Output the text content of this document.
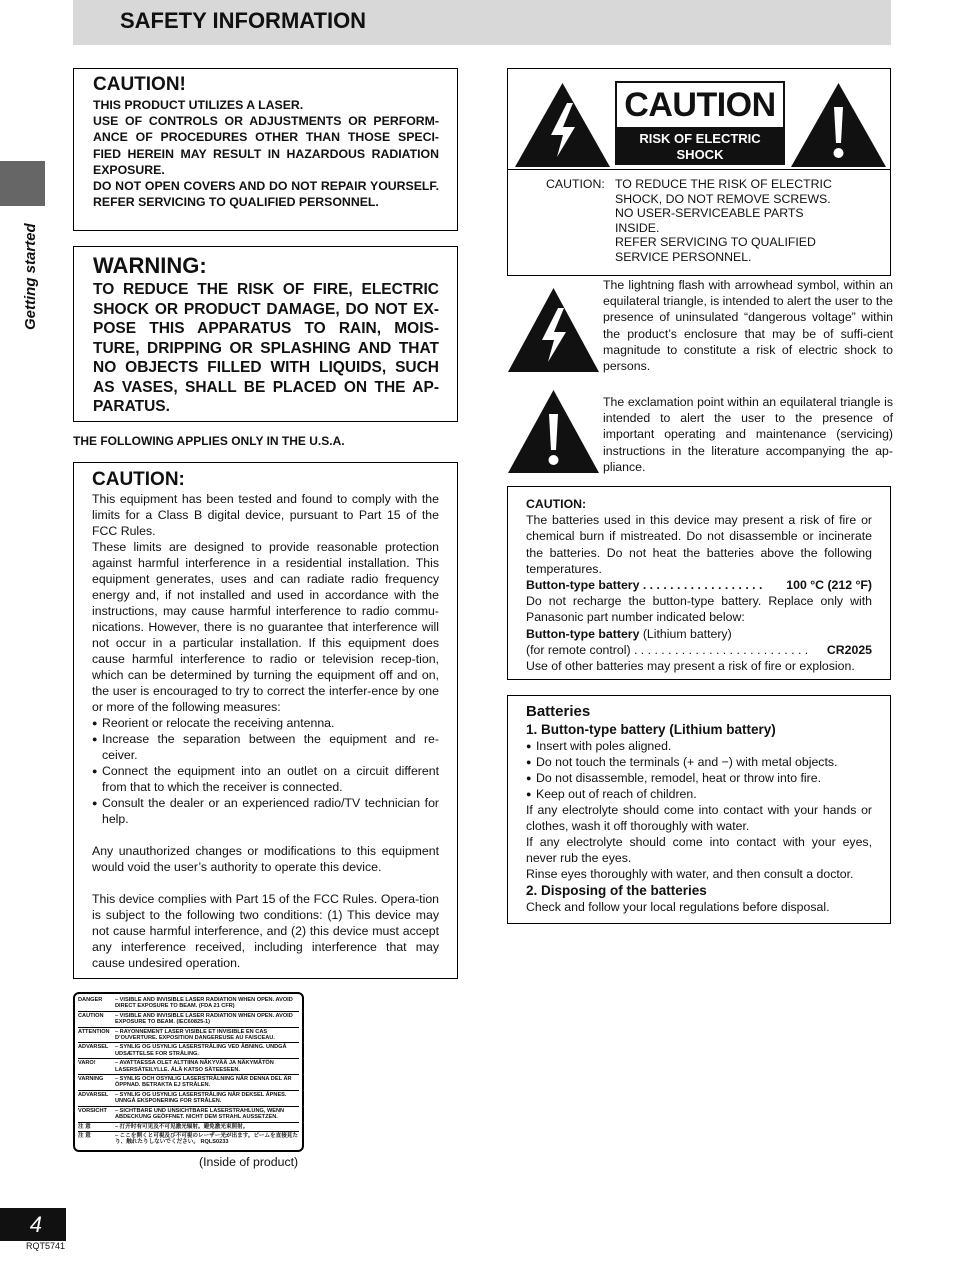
SAFETY INFORMATION
Getting started
CAUTION!

THIS PRODUCT UTILIZES A LASER.

USE OF CONTROLS OR ADJUSTMENTS OR PERFORM-ANCE OF PROCEDURES OTHER THAN THOSE SPECI-FIED HEREIN MAY RESULT IN HAZARDOUS RADIATION EXPOSURE.

DO NOT OPEN COVERS AND DO NOT REPAIR YOURSELF. REFER SERVICING TO QUALIFIED PERSONNEL.

WARNING:
TO REDUCE THE RISK OF FIRE, ELECTRIC SHOCK OR PRODUCT DAMAGE, DO NOT EX-POSE THIS APPARATUS TO RAIN, MOIS-TURE, DRIPPING OR SPLASHING AND THAT NO OBJECTS FILLED WITH LIQUIDS, SUCH AS VASES, SHALL BE PLACED ON THE AP-PARATUS.
THE FOLLOWING APPLIES ONLY IN THE U.S.A.
CAUTION:

This equipment has been tested and found to comply with the limits for a Class B digital device, pursuant to Part 15 of the FCC Rules.

These limits are designed to provide reasonable protection against harmful interference in a residential installation. This equipment generates, uses and can radiate radio frequency energy and, if not installed and used in accordance with the instructions, may cause harmful interference to radio commu-nications. However, there is no guarantee that interference will not occur in a particular installation. If this equipment does cause harmful interference to radio or television recep-tion, which can be determined by turning the equipment off and on, the user is encouraged to try to correct the interfer-ence by one or more of the following measures:

● Reorient or relocate the receiving antenna.
● Increase the separation between the equipment and re-ceiver.
● Connect the equipment into an outlet on a circuit different from that to which the receiver is connected.
● Consult the dealer or an experienced radio/TV technician for help.

Any unauthorized changes or modifications to this equipment would void the user’s authority to operate this device.

This device complies with Part 15 of the FCC Rules. Opera-tion is subject to the following two conditions: (1) This device may not cause harmful interference, and (2) this device must accept any interference received, including interference that may cause undesired operation.

DANGER	– VISIBLE AND INVISIBLE LASER RADIATION WHEN OPEN. AVOID DIRECT EXPOSURE TO BEAM. (FDA 21 CFR)
CAUTION	– VISIBLE AND INVISIBLE LASER RADIATION WHEN OPEN. AVOID EXPOSURE TO BEAM. (IEC60825-1)
ATTENTION – RAYONNEMENT LASER VISIBLE ET INVISIBLE EN CAS D’OUVERTURE. EXPOSITION DANGEREUSE AU FAISCEAU.
ADVARSEL	– SYNLIG OG USYNLIG LASERSTRÅLING VED ÅBNING. UNDGÅ UDSÆTTELSE FOR STRÅLING.
VARO!	– AVATTAESSA OLET ALTTIINA NÄKYVÄÄ JA NÄKYMÄTÖN LASERSÄTEILYLLE. ÄLÄ KATSO SÄTEESEEN.
VARNING	– SYNLIG OCH OSYNLIG LASERSTRÅLNING NÄR DENNA DEL ÄR ÖPPNAD. BETRAKTA EJ STRÅLEN.
ADVARSEL	– SYNLIG OG USYNLIG LASERSTRÅLING NÅR DEKSEL ÅPNES. UNNGÅ EKSPONERING FOR STRÅLEN.
VORSICHT	– SICHTBARE UND UNSICHTBARE LASERSTRAHLUNG, WENN ABDECKUNG GEÖFFNET. NICHT DEM STRAHL AUSSETZEN.
注 意	– 打开时有可见及不可见激光辐射。避免激光束照射。
注 意	– ここを開くと可視及び不可視のレーザー光が出ます。ビームを直接見たり、触れたりしないでください。 RQLS0233
(Inside of product)
CAUTION
RISK OF ELECTRIC SHOCK
DO NOT OPEN
CAUTION: TO REDUCE THE RISK OF ELECTRIC
SHOCK, DO NOT REMOVE SCREWS.
NO USER-SERVICEABLE PARTS
INSIDE.
REFER SERVICING TO QUALIFIED
SERVICE PERSONNEL.
The lightning flash with arrowhead symbol, within an equilateral triangle, is intended to alert the user to the presence of uninsulated “dangerous voltage” within the product’s enclosure that may be of suffi-cient magnitude to constitute a risk of electric shock to persons.
The exclamation point within an equilateral triangle is intended to alert the user to the presence of important operating and maintenance (servicing) instructions in the literature accompanying the ap-pliance.

CAUTION:

The batteries used in this device may present a risk of fire or chemical burn if mistreated. Do not disassemble or incinerate the batteries. Do not heat the batteries above the following temperatures.

Button-type battery . . . . . . . . . . . . . . . . . . 100 °C (212 °F)

Do not recharge the button-type battery. Replace only with Panasonic part number indicated below:

Button-type battery (Lithium battery)

(for remote control) . . . . . . . . . . . . . . . . . . . . . . . . . . CR2025

Use of other batteries may present a risk of fire or explosion.

Batteries
1. Button-type battery (Lithium battery)
● Insert with poles aligned.
● Do not touch the terminals (+ and −) with metal objects.
● Do not disassemble, remodel, heat or throw into fire.
● Keep out of reach of children.

If any electrolyte should come into contact with your hands or clothes, wash it off thoroughly with water.

If any electrolyte should come into contact with your eyes, never rub the eyes.

Rinse eyes thoroughly with water, and then consult a doctor.

2. Disposing of the batteries
Check and follow your local regulations before disposal.
4
RQT5741
